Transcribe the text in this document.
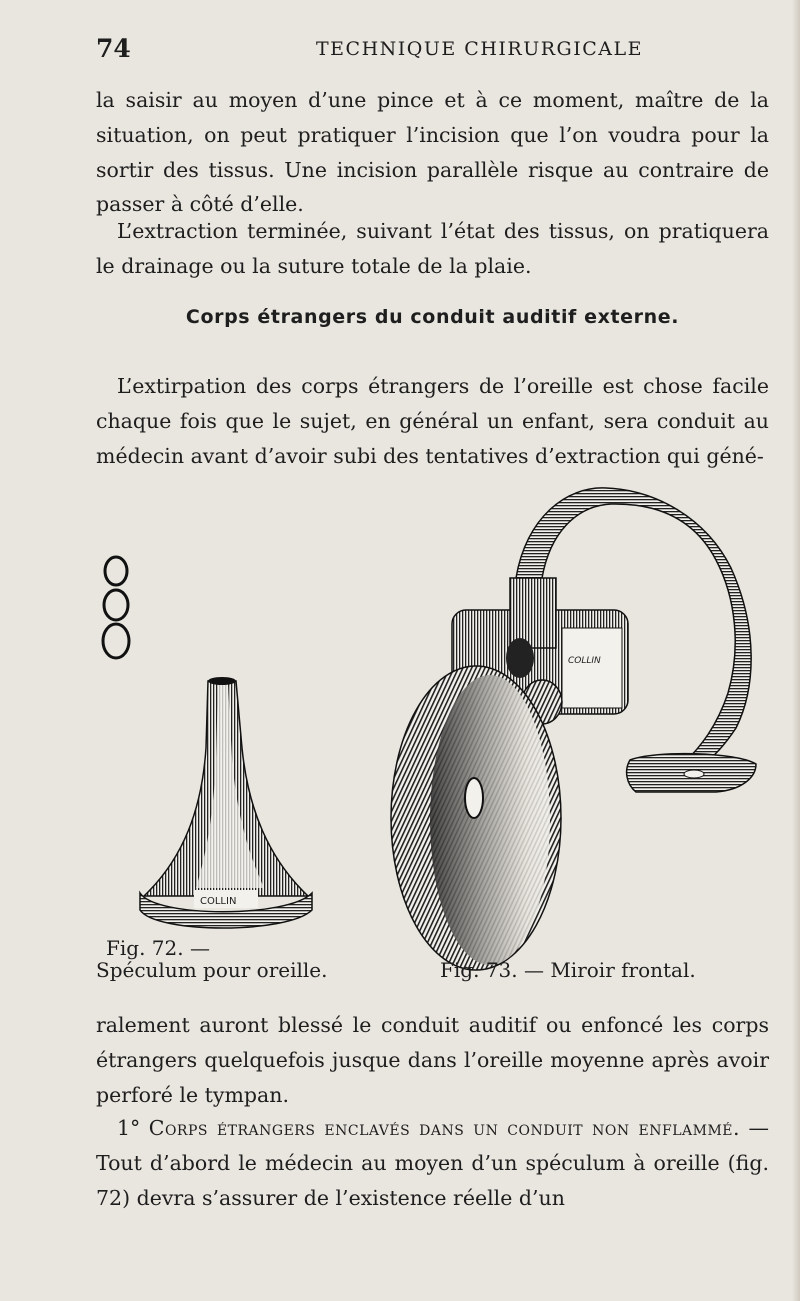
74	TECHNIQUE CHIRURGICALE

la saisir au moyen d’une pince et à ce moment, maître de la situation, on peut pratiquer l’incision que l’on voudra pour la sortir des tissus. Une incision parallèle risque au contraire de passer à côté d’elle.

L’extraction terminée, suivant l’état des tissus, on pratiquera le drainage ou la suture totale de la plaie.

Corps étrangers du conduit auditif externe.

L’extirpation des corps étrangers de l’oreille est chose facile chaque fois que le sujet, en général un enfant, sera conduit au médecin avant d’avoir subi des tentatives d’extraction qui géné-

COLLIN
COLLIN
Fig. 72. —
Spéculum pour oreille.	Fig. 73. — Miroir frontal.

ralement auront blessé le conduit auditif ou enfoncé les corps étrangers quelquefois jusque dans l’oreille moyenne après avoir perforé le tympan.

1° Corps étrangers enclavés dans un conduit non enflammé. — Tout d’abord le médecin au moyen d’un spéculum à oreille (fig. 72) devra s’assurer de l’existence réelle d’un
